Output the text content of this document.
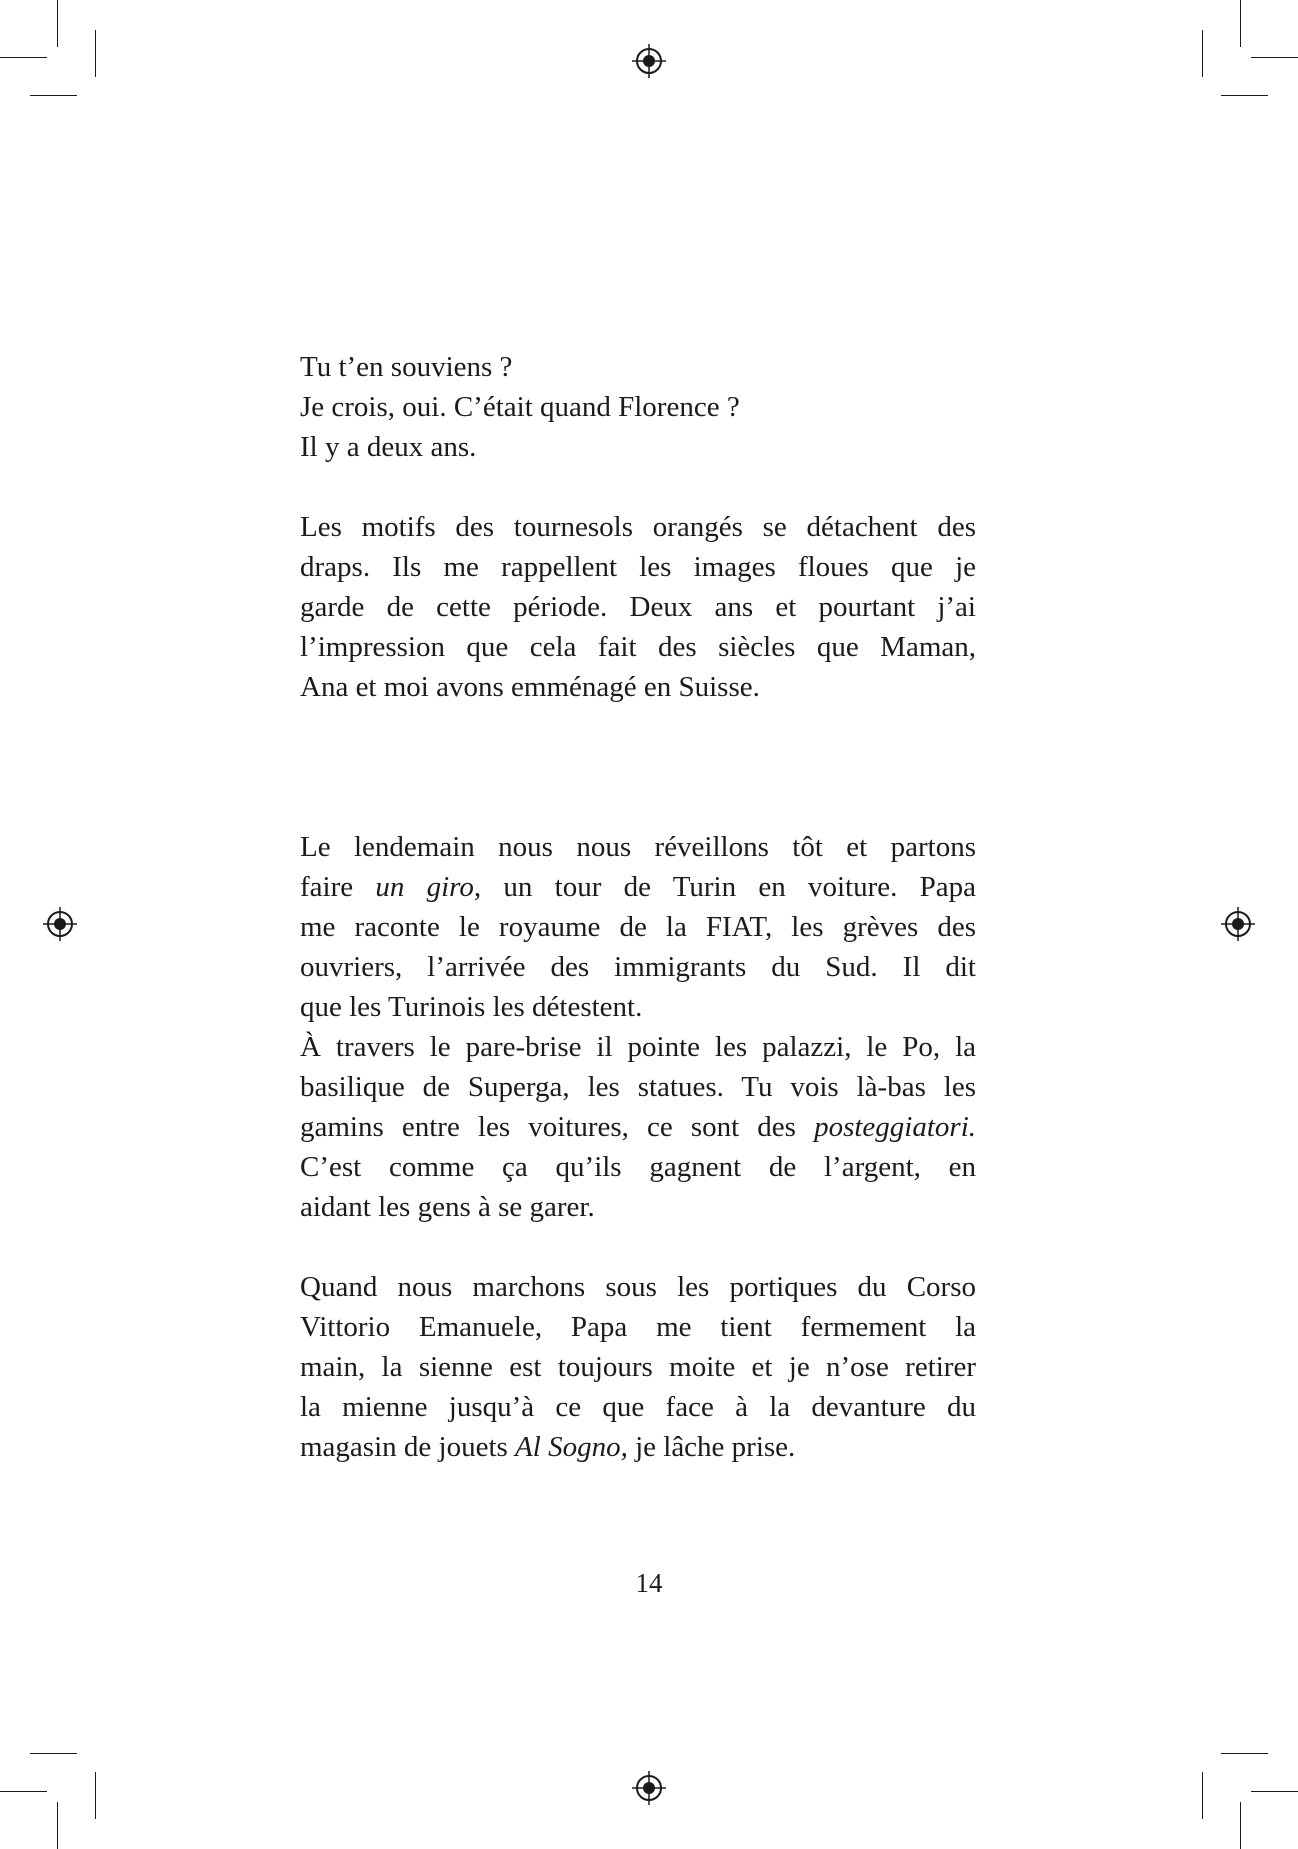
Tu t’en souviens ?
Je crois, oui. C’était quand Florence ?
Il y a deux ans.
Les motifs des tournesols orangés se détachent des
draps. Ils me rappellent les images floues que je
garde de cette période. Deux ans et pourtant j’ai
l’impression que cela fait des siècles que Maman,
Ana et moi avons emménagé en Suisse.
Le lendemain nous nous réveillons tôt et partons
faire un giro, un tour de Turin en voiture. Papa
me raconte le royaume de la FIAT, les grèves des
ouvriers, l’arrivée des immigrants du Sud. Il dit
que les Turinois les détestent.
À travers le pare-brise il pointe les palazzi, le Po, la
basilique de Superga, les statues. Tu vois là-bas les
gamins entre les voitures, ce sont des posteggiatori.
C’est comme ça qu’ils gagnent de l’argent, en
aidant les gens à se garer.
Quand nous marchons sous les portiques du Corso
Vittorio Emanuele, Papa me tient fermement la
main, la sienne est toujours moite et je n’ose retirer
la mienne jusqu’à ce que face à la devanture du
magasin de jouets Al Sogno, je lâche prise.
14
